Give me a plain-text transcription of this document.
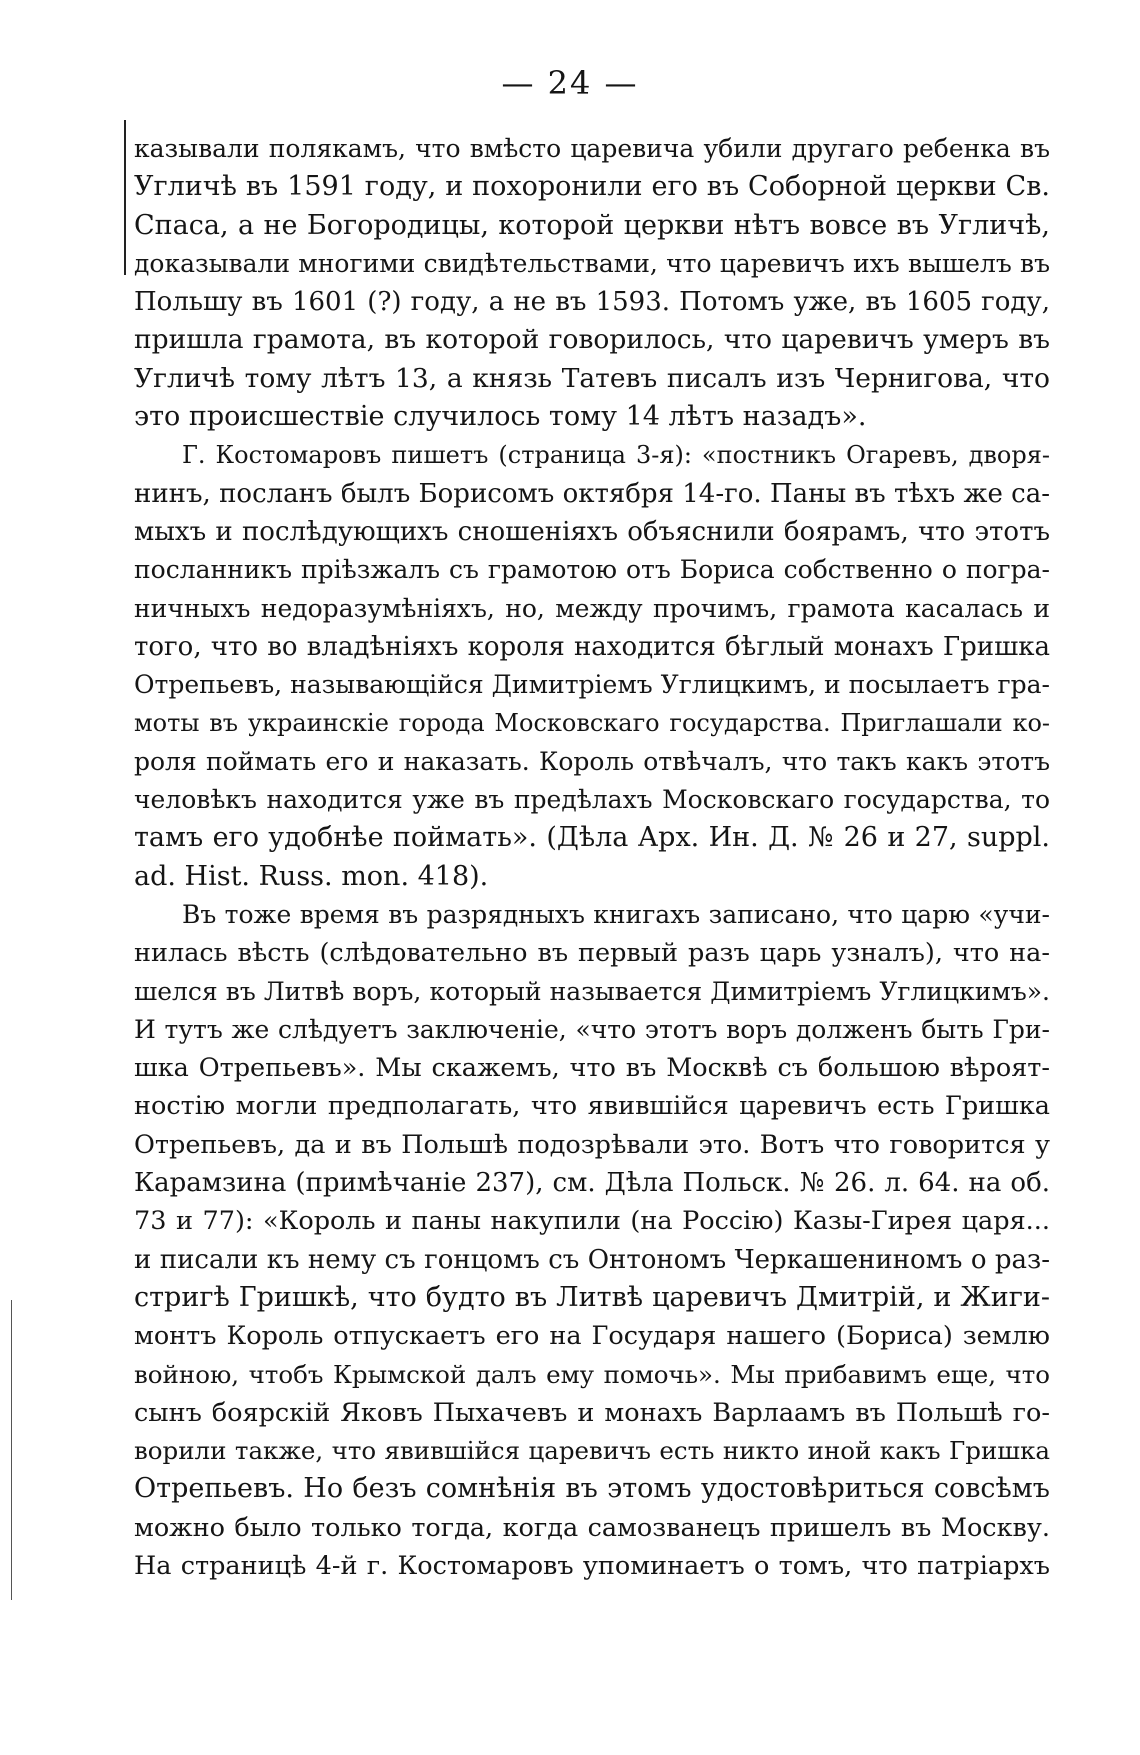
— 24 —
казывали полякамъ, что вмѣсто царевича убили другаго ребенка въ
Угличѣ въ 1591 году, и похоронили его въ Соборной церкви Св.
Спаса, а не Богородицы, которой церкви нѣтъ вовсе въ Угличѣ,
доказывали многими свидѣтельствами, что царевичъ ихъ вышелъ въ
Польшу въ 1601 (?) году, а не въ 1593. Потомъ уже, въ 1605 году,
пришла грамота, въ которой говорилось, что царевичъ умеръ въ
Угличѣ тому лѣтъ 13, а князь Татевъ писалъ изъ Чернигова, что
это происшествіе случилось тому 14 лѣтъ назадъ».
Г. Костомаровъ пишетъ (страница 3-я): «постникъ Огаревъ, дворя-
нинъ, посланъ былъ Борисомъ октября 14-го. Паны въ тѣхъ же са-
мыхъ и послѣдующихъ сношеніяхъ объяснили боярамъ, что этотъ
посланникъ пріѣзжалъ съ грамотою отъ Бориса собственно о погра-
ничныхъ недоразумѣніяхъ, но, между прочимъ, грамота касалась и
того, что во владѣніяхъ короля находится бѣглый монахъ Гришка
Отрепьевъ, называющійся Димитріемъ Углицкимъ, и посылаетъ гра-
моты въ украинскіе города Московскаго государства. Приглашали ко-
роля поймать его и наказать. Король отвѣчалъ, что такъ какъ этотъ
человѣкъ находится уже въ предѣлахъ Московскаго государства, то
тамъ его удобнѣе поймать». (Дѣла Арх. Ин. Д. № 26 и 27, suppl.
ad. Hist. Russ. mon. 418).
Въ тоже время въ разрядныхъ книгахъ записано, что царю «учи-
нилась вѣсть (слѣдовательно въ первый разъ царь узналъ), что на-
шелся въ Литвѣ воръ, который называется Димитріемъ Углицкимъ».
И тутъ же слѣдуетъ заключеніе, «что этотъ воръ долженъ быть Гри-
шка Отрепьевъ». Мы скажемъ, что въ Москвѣ съ большою вѣроят-
ностію могли предполагать, что явившійся царевичъ есть Гришка
Отрепьевъ, да и въ Польшѣ подозрѣвали это. Вотъ что говорится у
Карамзина (примѣчаніе 237), см. Дѣла Польск. № 26. л. 64. на об.
73 и 77): «Король и паны накупили (на Россію) Казы-Гирея царя...
и писали къ нему съ гонцомъ съ Онтономъ Черкашениномъ о раз-
стригѣ Гришкѣ, что будто въ Литвѣ царевичъ Дмитрій, и Жиги-
монтъ Король отпускаетъ его на Государя нашего (Бориса) землю
войною, чтобъ Крымской далъ ему помочь». Мы прибавимъ еще, что
сынъ боярскій Яковъ Пыхачевъ и монахъ Варлаамъ въ Польшѣ го-
ворили также, что явившійся царевичъ есть никто иной какъ Гришка
Отрепьевъ. Но безъ сомнѣнія въ этомъ удостовѣриться совсѣмъ
можно было только тогда, когда самозванецъ пришелъ въ Москву.
На страницѣ 4-й г. Костомаровъ упоминаетъ о томъ, что патріархъ
